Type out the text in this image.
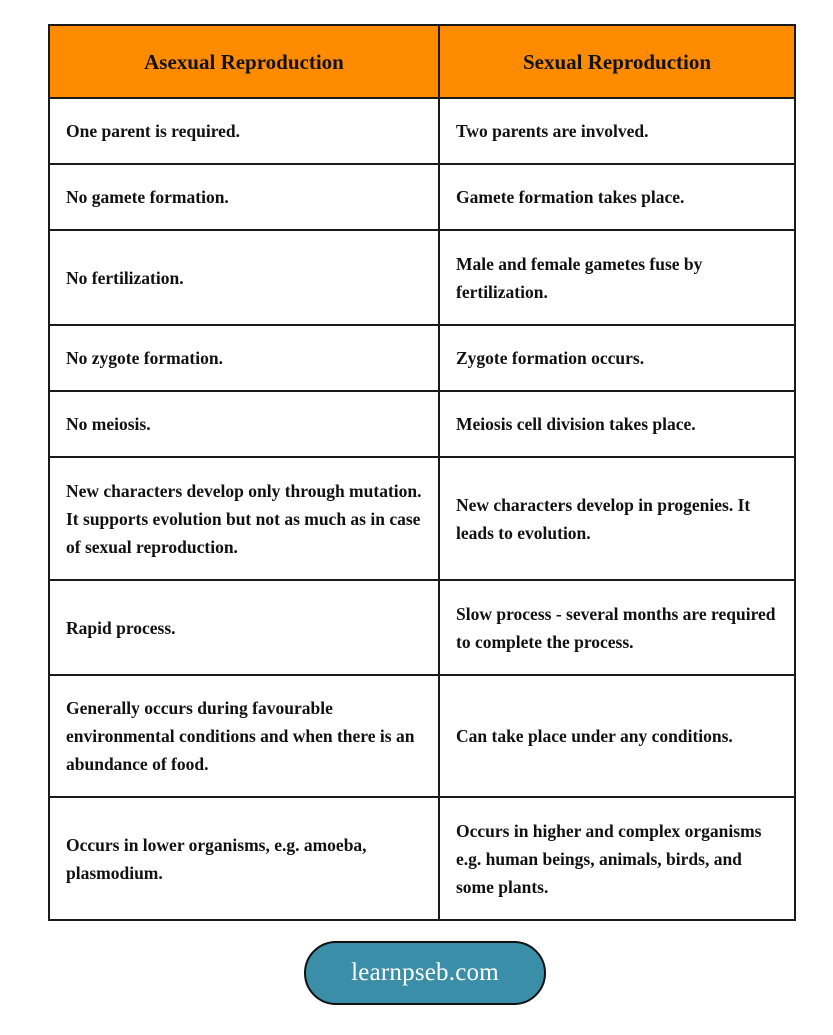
Asexual Reproduction	Sexual Reproduction
One parent is required.	Two parents are involved.
No gamete formation.	Gamete formation takes place.
No fertilization.	Male and female gametes fuse by fertilization.
No zygote formation.	Zygote formation occurs.
No meiosis.	Meiosis cell division takes place.
New characters develop only through mutation. It supports evolution but not as much as in case of sexual reproduction.	New characters develop in progenies. It leads to evolution.
Rapid process.	Slow process - several months are required to complete the process.
Generally occurs during favourable environmental conditions and when there is an abundance of food.	Can take place under any conditions.
Occurs in lower organisms, e.g. amoeba, plasmodium.	Occurs in higher and complex organisms e.g. human beings, animals, birds, and some plants.
learnpseb.com
